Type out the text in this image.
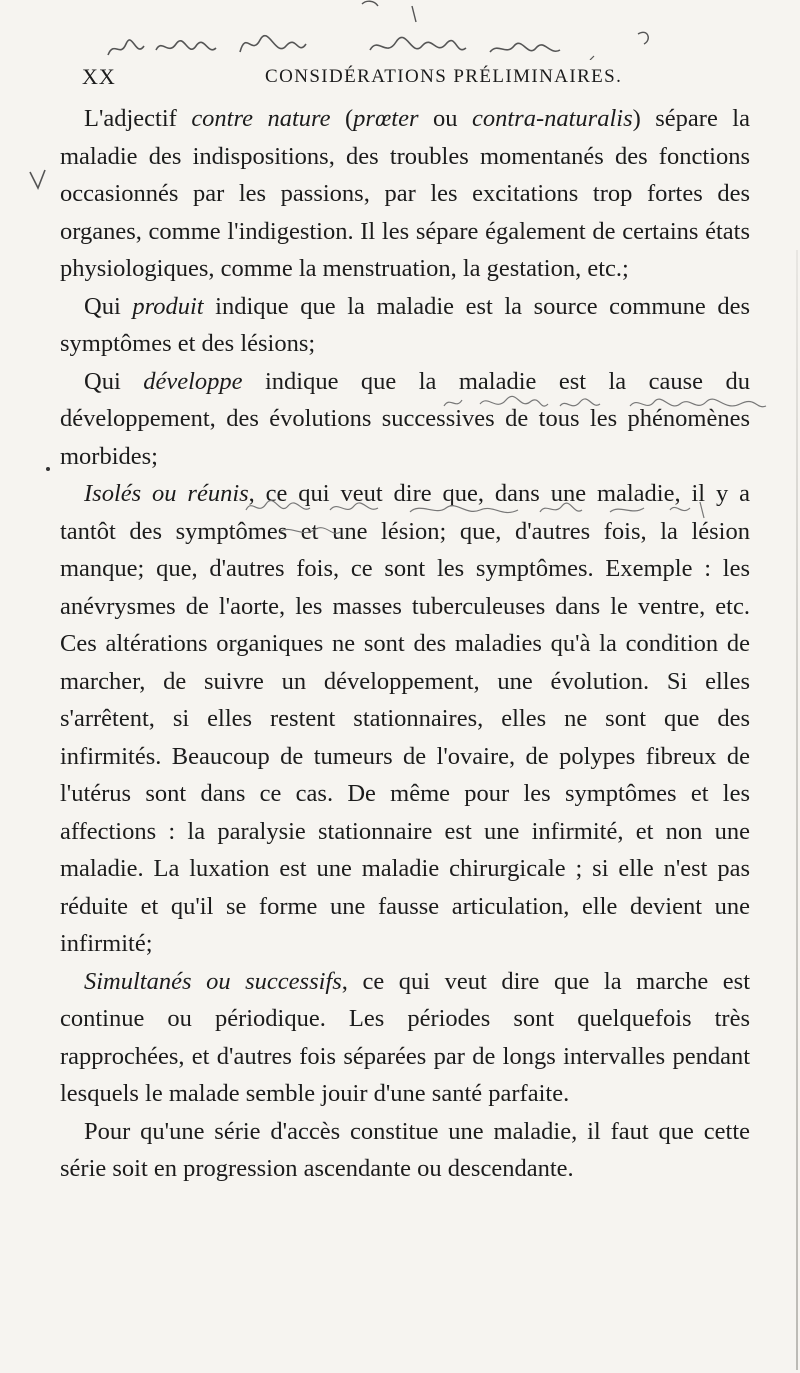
XX	CONSIDÉRATIONS PRÉLIMINAIRES.

L'adjectif contre nature (prœter ou contra-naturalis) sépare la maladie des indispositions, des troubles momentanés des fonctions occasionnés par les passions, par les excitations trop fortes des organes, comme l'indigestion. Il les sépare également de certains états physiologiques, comme la menstruation, la gestation, etc.;

Qui produit indique que la maladie est la source commune des symptômes et des lésions;

Qui développe indique que la maladie est la cause du développement, des évolutions successives de tous les phénomènes morbides;

Isolés ou réunis, ce qui veut dire que, dans une maladie, il y a tantôt des symptômes et une lésion; que, d'autres fois, la lésion manque; que, d'autres fois, ce sont les symptômes. Exemple : les anévrysmes de l'aorte, les masses tuberculeuses dans le ventre, etc. Ces altérations organiques ne sont des maladies qu'à la condition de marcher, de suivre un développement, une évolution. Si elles s'arrêtent, si elles restent stationnaires, elles ne sont que des infirmités. Beaucoup de tumeurs de l'ovaire, de polypes fibreux de l'utérus sont dans ce cas. De même pour les symptômes et les affections : la paralysie stationnaire est une infirmité, et non une maladie. La luxation est une maladie chirurgicale ; si elle n'est pas réduite et qu'il se forme une fausse articulation, elle devient une infirmité;

Simultanés ou successifs, ce qui veut dire que la marche est continue ou périodique. Les périodes sont quelquefois très rapprochées, et d'autres fois séparées par de longs intervalles pendant lesquels le malade semble jouir d'une santé parfaite.

Pour qu'une série d'accès constitue une maladie, il faut que cette série soit en progression ascendante ou descendante.
